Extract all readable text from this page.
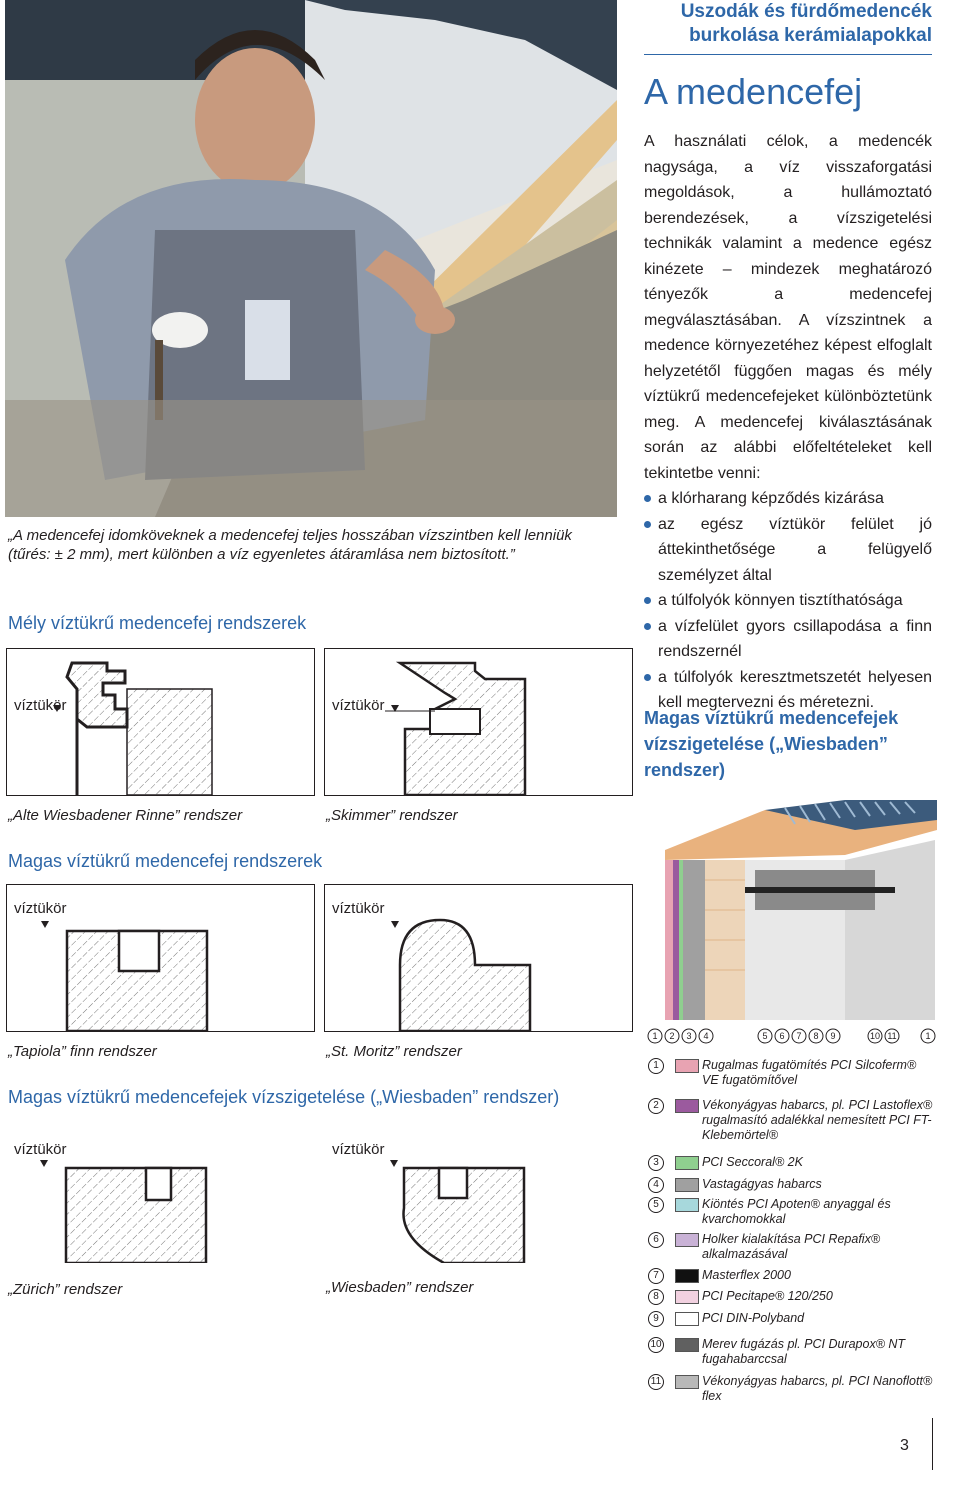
„A medencefej idomköveknek a medencefej teljes hosszában vízszintben kell lenniük (tűrés: ± 2 mm), mert különben a víz egyenletes átáramlása nem biztosított.”
Mély víztükrű medencefej rendszerek
víztükör	víztükör
„Alte Wiesbadener Rinne” rendszer	„Skimmer” rendszer
Magas víztükrű medencefej rendszerek
víztükör	víztükör
„Tapiola” finn rendszer	„St. Moritz” rendszer
Magas víztükrű medencefejek vízszigetelése („Wiesbaden” rendszer)
víztükör	víztükör
„Zürich” rendszer	„Wiesbaden” rendszer
Uszodák és fürdőmedencék
burkolása kerámialapokkal
A medencefej

A használati célok, a medencék nagysága, a víz visszaforgatási megoldások, a hullámoztató berendezések, a vízszigetelési technikák valamint a medence egész kinézete – mindezek meghatározó tényezők a medencefej megválasztásában. A vízszintnek a medence környezetéhez képest elfoglalt helyzetétől függően magas és mély víztükrű medencefejeket különböztetünk meg. A medencefej kiválasztásának során az alábbi előfeltételeket kell tekintetbe venni:

a klórharang képződés kizárása
az egész víztükör felület jó áttekinthetősége a felügyelő személyzet által
a túlfolyók könnyen tisztíthatósága
a vízfelület gyors csillapodása a finn rendszernél
a túlfolyók keresztmetszetét helyesen kell megtervezni és méretezni.
Magas víztükrű medencefejek vízszigetelése („Wiesbaden” rendszer)
1 2 3 4	5 6 7 8 9	10 11	1
1	Rugalmas fugatömítés PCI Silcoferm® VE fugatömítővel
2	Vékonyágyas habarcs, pl. PCI Lastoflex® rugalmasító adalékkal nemesített PCI FT-Klebemörtel®
3	PCI Seccoral® 2K
4	Vastagágyas habarcs
5	Kiöntés PCI Apoten® anyaggal és kvarchomokkal
6	Holker kialakítása PCI Repafix® alkalmazásával
7	Masterflex 2000
8	PCI Pecitape® 120/250
9	PCI DIN-Polyband
10	Merev fugázás pl. PCI Durapox® NT fugahabarccsal
11	Vékonyágyas habarcs, pl. PCI Nanoflott® flex
3
